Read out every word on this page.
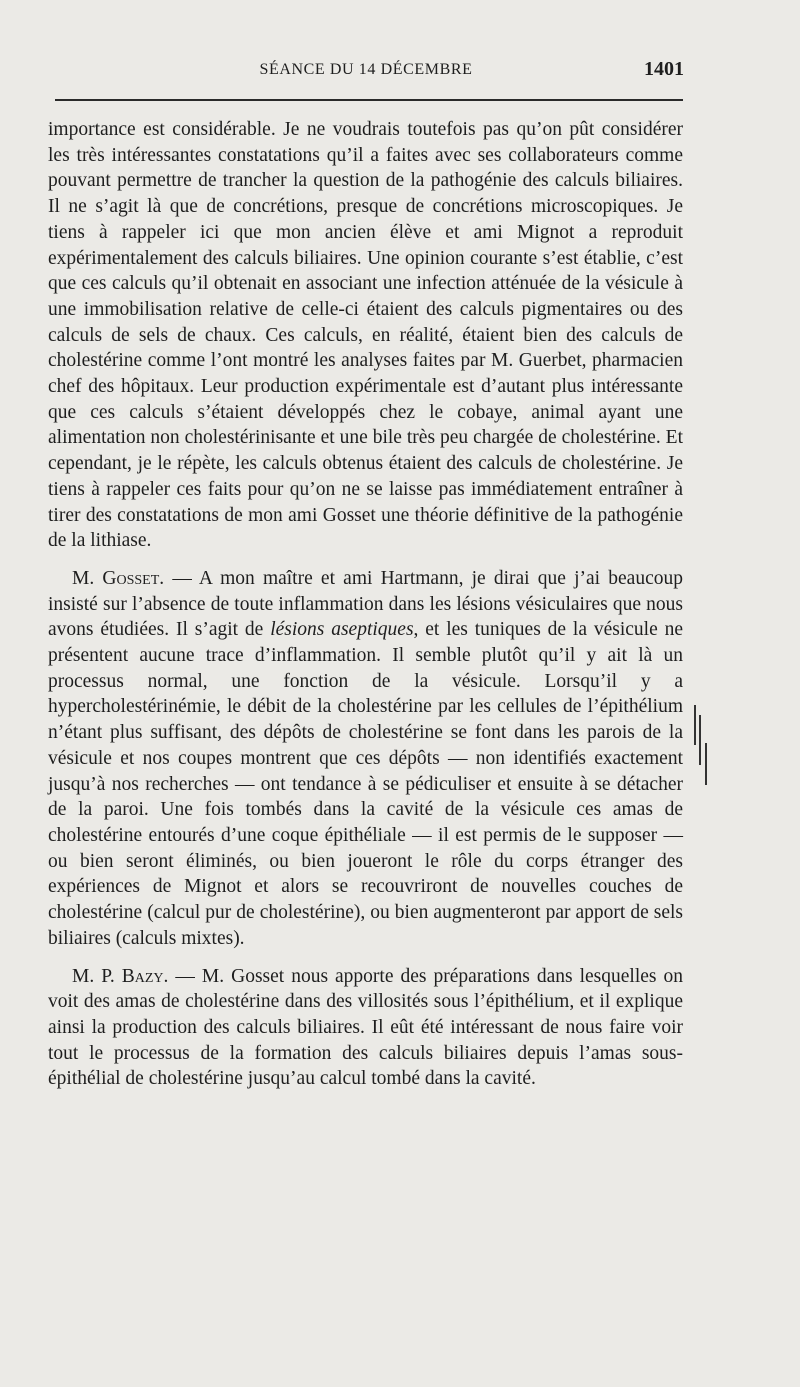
SÉANCE DU 14 DÉCEMBRE	1401

importance est considérable. Je ne voudrais toutefois pas qu’on pût considérer les très intéressantes constatations qu’il a faites avec ses collaborateurs comme pouvant permettre de trancher la question de la pathogénie des calculs biliaires. Il ne s’agit là que de concrétions, presque de concrétions microscopiques. Je tiens à rappeler ici que mon ancien élève et ami Mignot a reproduit expérimentalement des calculs biliaires. Une opinion courante s’est établie, c’est que ces calculs qu’il obtenait en associant une infection atténuée de la vésicule à une immobilisation relative de celle-ci étaient des calculs pigmentaires ou des calculs de sels de chaux. Ces calculs, en réalité, étaient bien des calculs de cholestérine comme l’ont montré les analyses faites par M. Guerbet, pharmacien chef des hôpitaux. Leur production expérimentale est d’autant plus intéressante que ces calculs s’étaient développés chez le cobaye, animal ayant une alimentation non cholestérinisante et une bile très peu chargée de cholestérine. Et cependant, je le répète, les calculs obtenus étaient des calculs de cholestérine. Je tiens à rappeler ces faits pour qu’on ne se laisse pas immédiatement entraîner à tirer des constatations de mon ami Gosset une théorie définitive de la pathogénie de la lithiase.

M. Gosset. — A mon maître et ami Hartmann, je dirai que j’ai beaucoup insisté sur l’absence de toute inflammation dans les lésions vésiculaires que nous avons étudiées. Il s’agit de lésions aseptiques, et les tuniques de la vésicule ne présentent aucune trace d’inflammation. Il semble plutôt qu’il y ait là un processus normal, une fonction de la vésicule. Lorsqu’il y a hypercholestérinémie, le débit de la cholestérine par les cellules de l’épithélium n’étant plus suffisant, des dépôts de cholestérine se font dans les parois de la vésicule et nos coupes montrent que ces dépôts — non identifiés exactement jusqu’à nos recherches — ont tendance à se pédiculiser et ensuite à se détacher de la paroi. Une fois tombés dans la cavité de la vésicule ces amas de cholestérine entourés d’une coque épithéliale — il est permis de le supposer — ou bien seront éliminés, ou bien joueront le rôle du corps étranger des expériences de Mignot et alors se recouvriront de nouvelles couches de cholestérine (calcul pur de cholestérine), ou bien augmenteront par apport de sels biliaires (calculs mixtes).

M. P. Bazy. — M. Gosset nous apporte des préparations dans lesquelles on voit des amas de cholestérine dans des villosités sous l’épithélium, et il explique ainsi la production des calculs biliaires. Il eût été intéressant de nous faire voir tout le processus de la formation des calculs biliaires depuis l’amas sous-épithélial de cholestérine jusqu’au calcul tombé dans la cavité.
